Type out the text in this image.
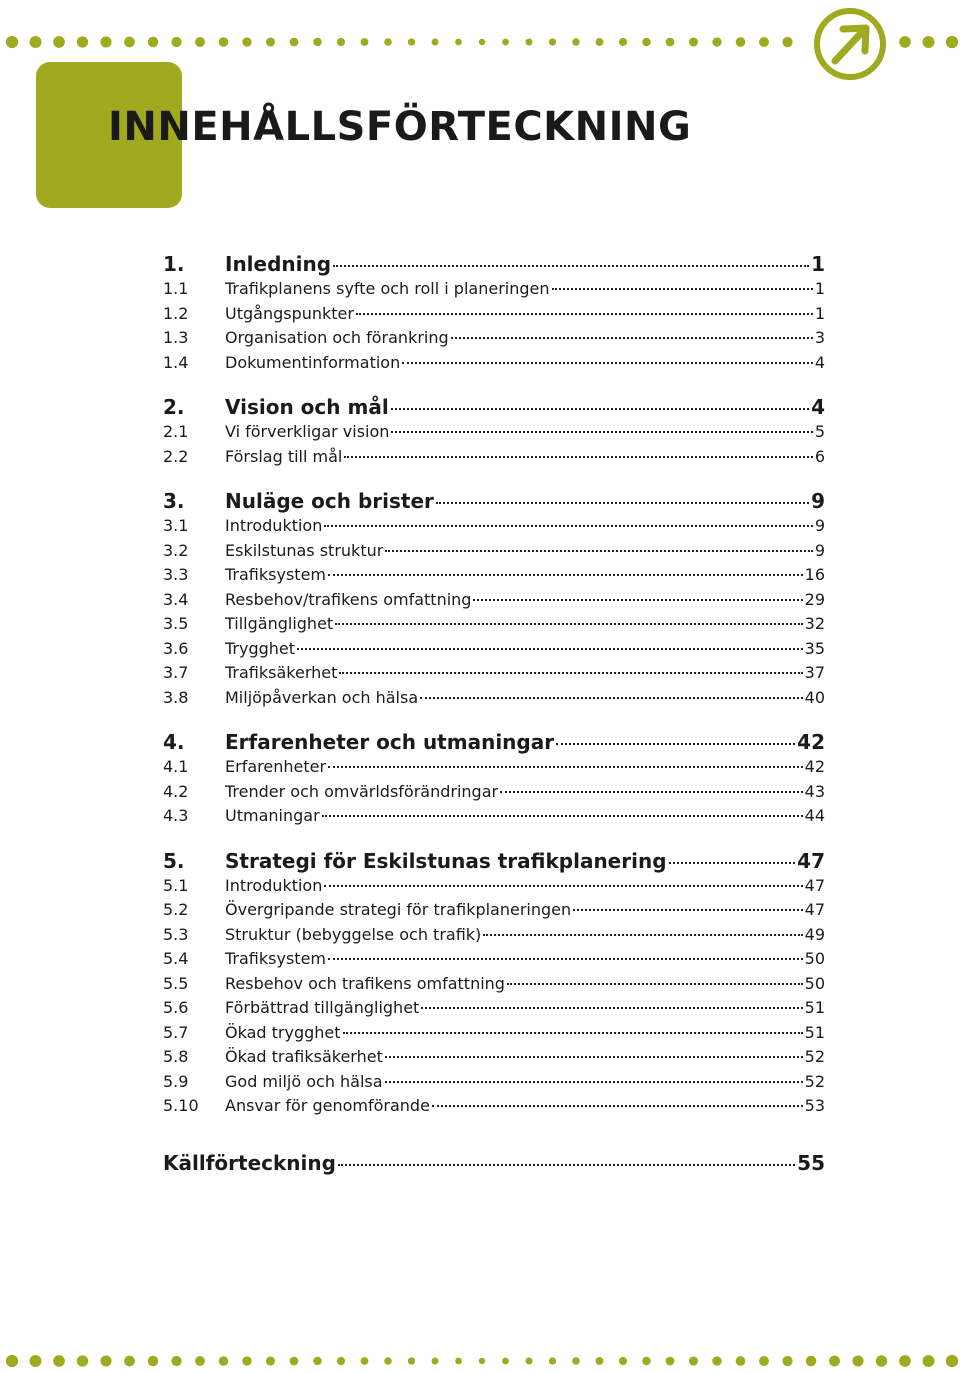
INNEHÅLLSFÖRTECKNING
1.	Inledning	1
1.1	Trafikplanens syfte och roll i planeringen	1
1.2	Utgångspunkter	1
1.3	Organisation och förankring	3
1.4	Dokumentinformation	4
2.	Vision och mål	4
2.1	Vi förverkligar vision	5
2.2	Förslag till mål	6
3.	Nuläge och brister	9
3.1	Introduktion	9
3.2	Eskilstunas struktur	9
3.3	Trafiksystem	16
3.4	Resbehov/trafikens omfattning	29
3.5	Tillgänglighet	32
3.6	Trygghet	35
3.7	Trafiksäkerhet	37
3.8	Miljöpåverkan och hälsa	40
4.	Erfarenheter och utmaningar	42
4.1	Erfarenheter	42
4.2	Trender och omvärldsförändringar	43
4.3	Utmaningar	44
5.	Strategi för Eskilstunas trafikplanering	47
5.1	Introduktion	47
5.2	Övergripande strategi för trafikplaneringen	47
5.3	Struktur (bebyggelse och trafik)	49
5.4	Trafiksystem	50
5.5	Resbehov och trafikens omfattning	50
5.6	Förbättrad tillgänglighet	51
5.7	Ökad trygghet	51
5.8	Ökad trafiksäkerhet	52
5.9	God miljö och hälsa	52
5.10	Ansvar för genomförande	53
Källförteckning	55
